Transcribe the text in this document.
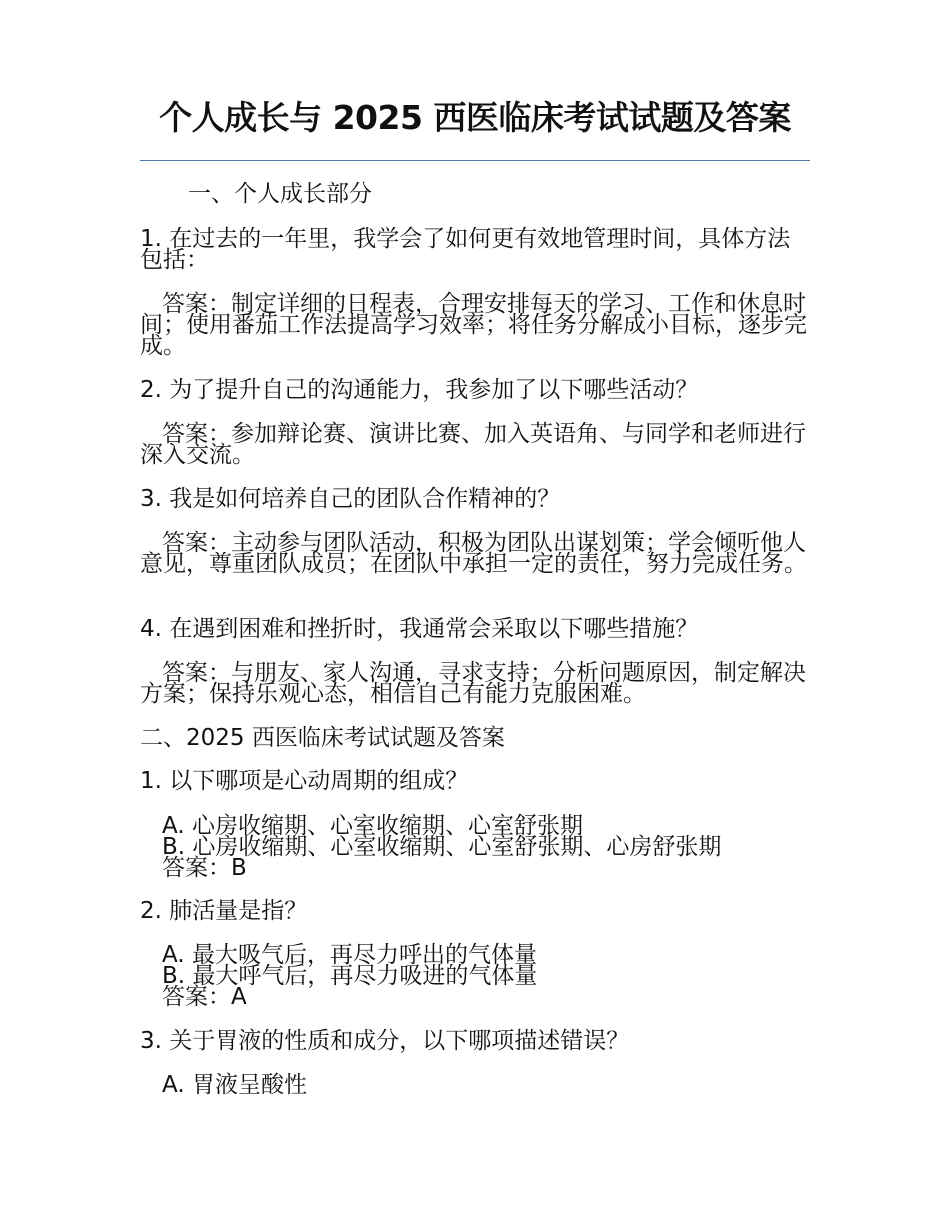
个人成长与 2025 西医临床考试试题及答案
一、个人成长部分
1. 在过去的一年里，我学会了如何更有效地管理时间，具体方法包括：
答案：制定详细的日程表，合理安排每天的学习、工作和休息时间；使用番茄工作法提高学习效率；将任务分解成小目标，逐步完成。
2. 为了提升自己的沟通能力，我参加了以下哪些活动？
答案：参加辩论赛、演讲比赛、加入英语角、与同学和老师进行深入交流。
3. 我是如何培养自己的团队合作精神的？
答案：主动参与团队活动，积极为团队出谋划策；学会倾听他人意见，尊重团队成员；在团队中承担一定的责任，努力完成任务。
4. 在遇到困难和挫折时，我通常会采取以下哪些措施？
答案：与朋友、家人沟通，寻求支持；分析问题原因，制定解决方案；保持乐观心态，相信自己有能力克服困难。
二、2025 西医临床考试试题及答案
1. 以下哪项是心动周期的组成？
A. 心房收缩期、心室收缩期、心室舒张期
B. 心房收缩期、心室收缩期、心室舒张期、心房舒张期
答案：B
2. 肺活量是指？
A. 最大吸气后，再尽力呼出的气体量
B. 最大呼气后，再尽力吸进的气体量
答案：A
3. 关于胃液的性质和成分，以下哪项描述错误？
A. 胃液呈酸性
